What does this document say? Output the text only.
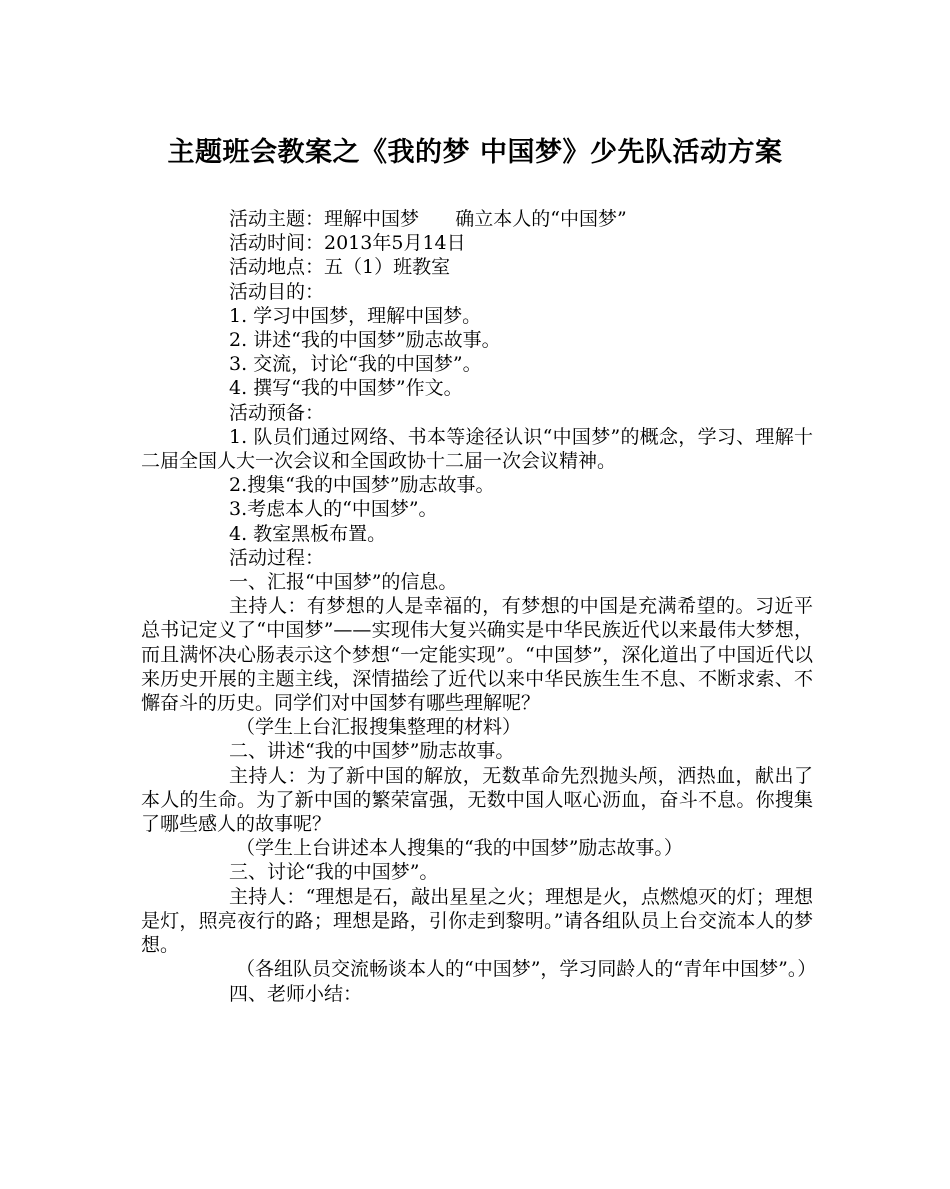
主题班会教案之《我的梦 中国梦》少先队活动方案

活动主题：理解中国梦      确立本人的“中国梦”

活动时间：2013年5月14日

活动地点：五（1）班教室

活动目的：

1. 学习中国梦，理解中国梦。

2. 讲述“我的中国梦”励志故事。

3. 交流，讨论“我的中国梦”。

4. 撰写“我的中国梦”作文。

活动预备：

1. 队员们通过网络、书本等途径认识“中国梦”的概念，学习、理解十二届全国人大一次会议和全国政协十二届一次会议精神。

2.搜集“我的中国梦”励志故事。

3.考虑本人的“中国梦”。

4. 教室黑板布置。

活动过程：

一、汇报“中国梦”的信息。

主持人：有梦想的人是幸福的，有梦想的中国是充满希望的。习近平总书记定义了“中国梦”——实现伟大复兴确实是中华民族近代以来最伟大梦想，而且满怀决心肠表示这个梦想“一定能实现”。“中国梦”，深化道出了中国近代以来历史开展的主题主线，深情描绘了近代以来中华民族生生不息、不断求索、不懈奋斗的历史。同学们对中国梦有哪些理解呢？

（学生上台汇报搜集整理的材料）

二、讲述“我的中国梦”励志故事。

主持人：为了新中国的解放，无数革命先烈抛头颅，洒热血，献出了本人的生命。为了新中国的繁荣富强，无数中国人呕心沥血，奋斗不息。你搜集了哪些感人的故事呢？

（学生上台讲述本人搜集的“我的中国梦”励志故事。）

三、讨论“我的中国梦”。

主持人：“理想是石，敲出星星之火；理想是火，点燃熄灭的灯；理想是灯，照亮夜行的路；理想是路，引你走到黎明。”请各组队员上台交流本人的梦想。

（各组队员交流畅谈本人的“中国梦”，学习同龄人的“青年中国梦”。）

四、老师小结：
